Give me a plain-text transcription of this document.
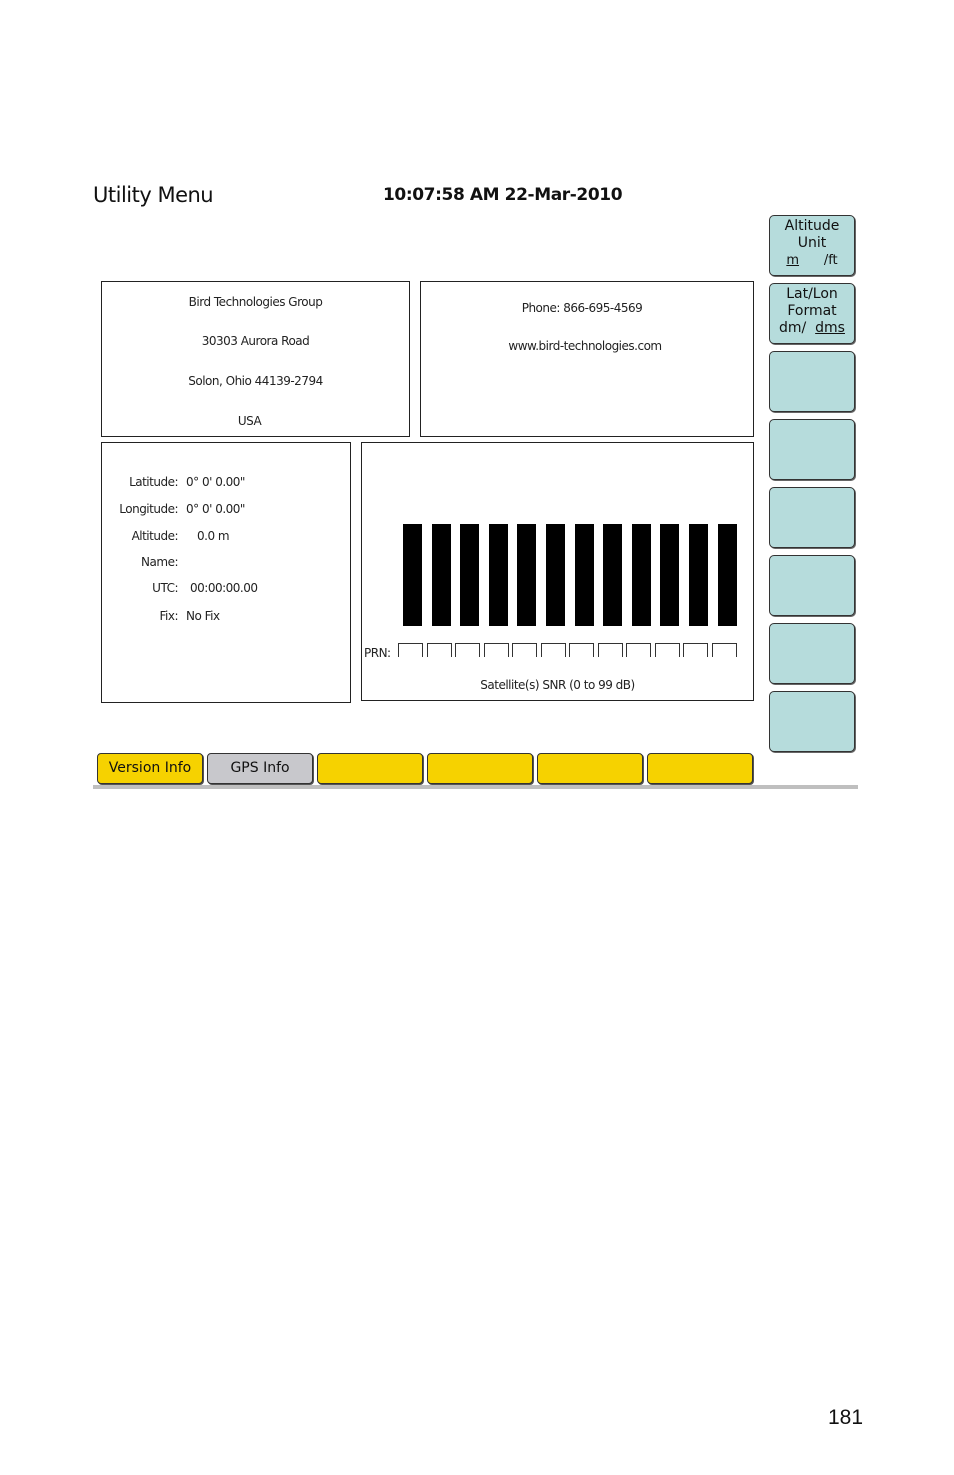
Utility Menu	10:07:58 AM 22-Mar-2010
Bird Technologies Group
30303 Aurora Road
Solon, Ohio 44139-2794
USA
Phone: 866-695-4569
www.bird-technologies.com
Latitude: 0° 0' 0.00"
Longitude: 0° 0' 0.00"
Altitude: 0.0 m
Name:
UTC: 00:00:00.00
Fix: No Fix
PRN:
Satellite(s) SNR (0 to 99 dB)
Altitude
Unit
m /ft
Lat/Lon
Format
dm/ dms
Version Info	GPS Info
181
